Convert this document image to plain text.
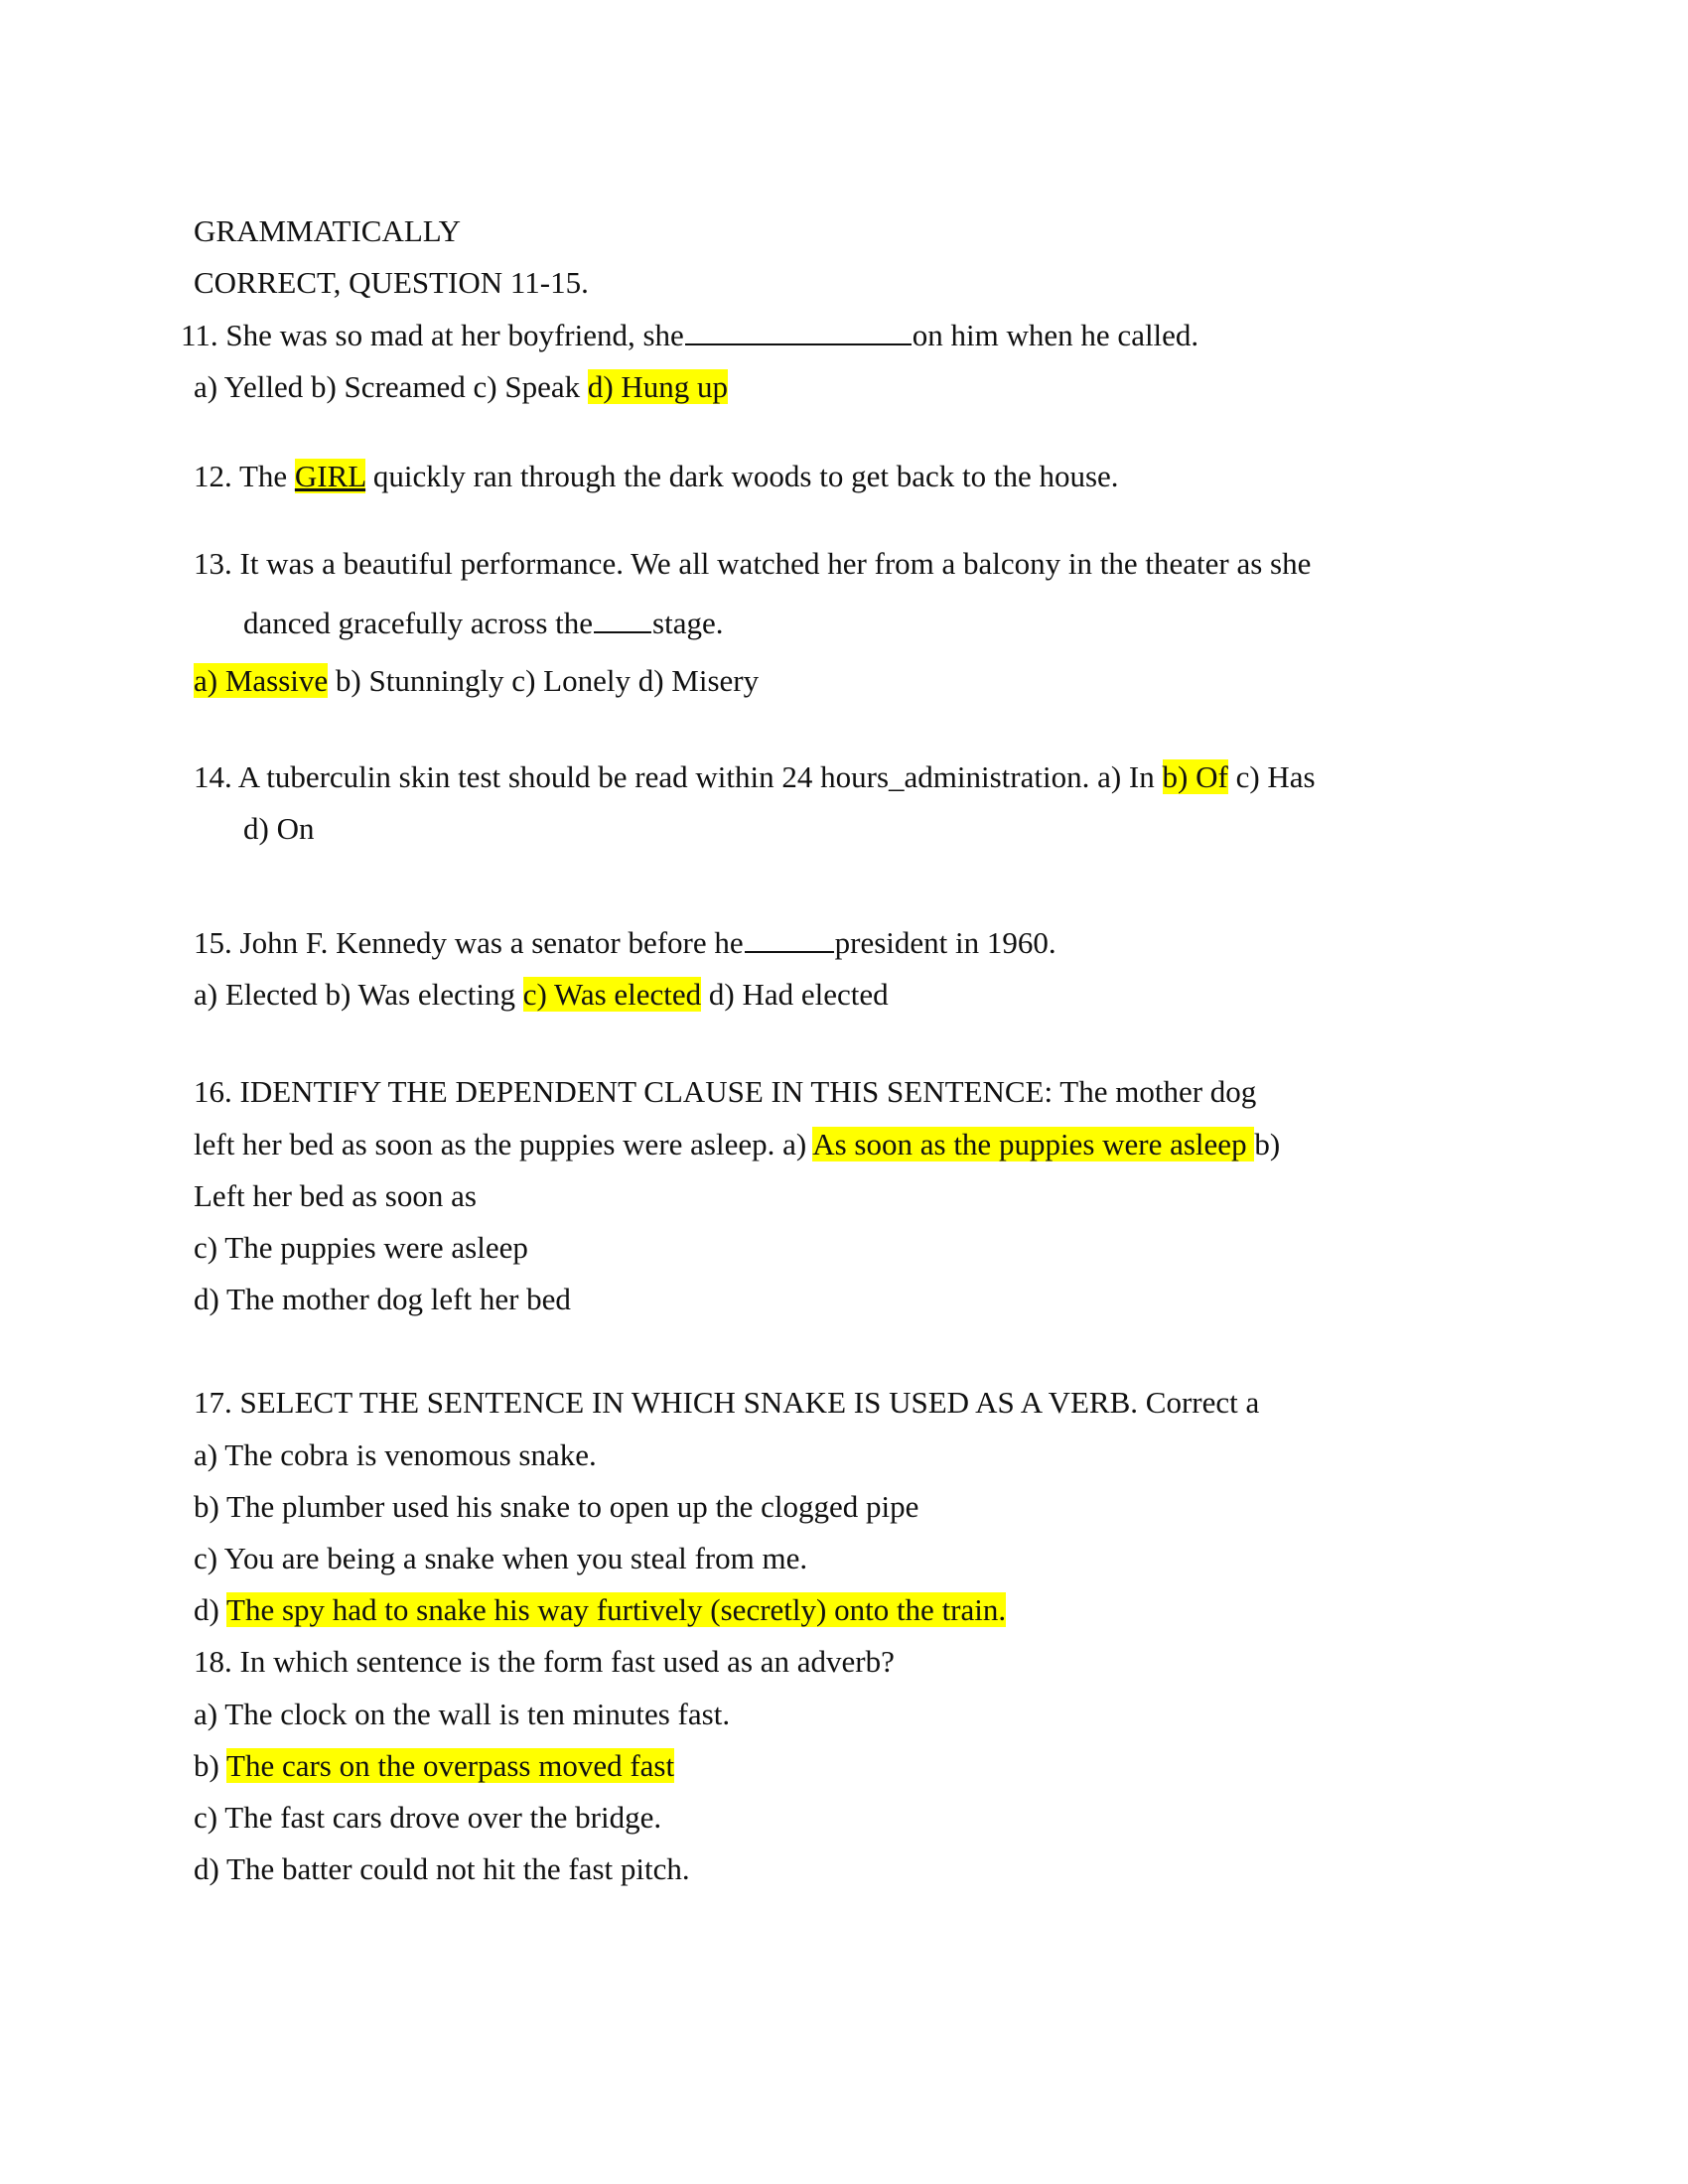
GRAMMATICALLY

CORRECT, QUESTION 11-15.

11. She was so mad at her boyfriend, she	on him when he called.

a) Yelled b) Screamed c) Speak d) Hung up

12. The GIRL quickly ran through the dark woods to get back to the house.

13. It was a beautiful performance. We all watched her from a balcony in the theater as she

danced gracefully across the stage.

a) Massive b) Stunningly c) Lonely d) Misery

14. A tuberculin skin test should be read within 24 hours_administration. a) In b) Of c) Has

d) On

15. John F. Kennedy was a senator before he	president in 1960.

a) Elected b) Was electing c) Was elected d) Had elected

16. IDENTIFY THE DEPENDENT CLAUSE IN THIS SENTENCE: The mother dog

left her bed as soon as the puppies were asleep. a) As soon as the puppies were asleep b)

Left her bed as soon as

c) The puppies were asleep

d) The mother dog left her bed

17. SELECT THE SENTENCE IN WHICH SNAKE IS USED AS A VERB. Correct a

a) The cobra is venomous snake.

b) The plumber used his snake to open up the clogged pipe

c) You are being a snake when you steal from me.

d) The spy had to snake his way furtively (secretly) onto the train.

18. In which sentence is the form fast used as an adverb?

a) The clock on the wall is ten minutes fast.

b) The cars on the overpass moved fast

c) The fast cars drove over the bridge.

d) The batter could not hit the fast pitch.
